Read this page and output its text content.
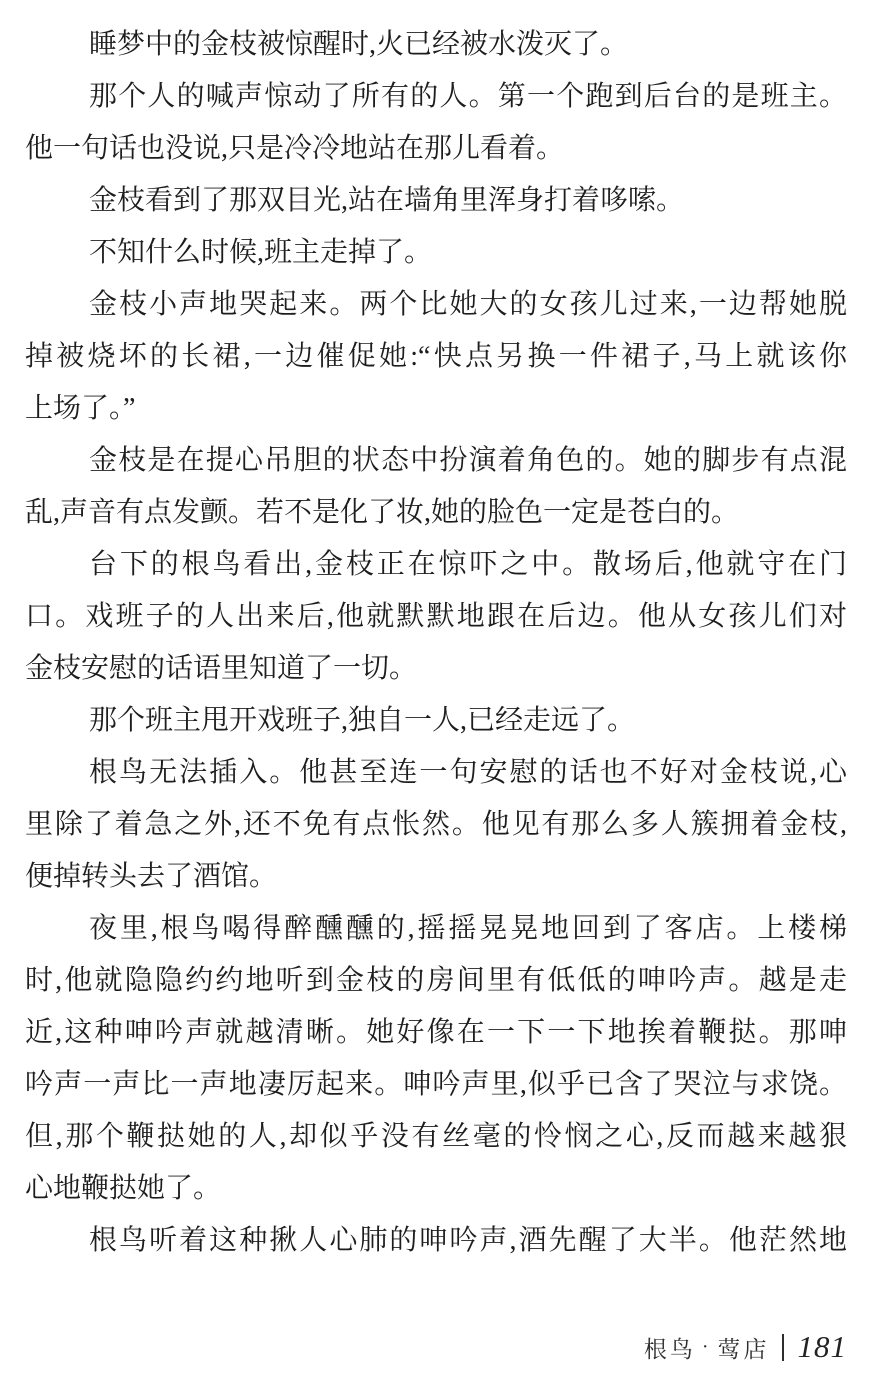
睡梦中的金枝被惊醒时,火已经被水泼灭了。
那个人的喊声惊动了所有的人。第一个跑到后台的是班主。
他一句话也没说,只是冷冷地站在那儿看着。
金枝看到了那双目光,站在墙角里浑身打着哆嗦。
不知什么时候,班主走掉了。
金枝小声地哭起来。两个比她大的女孩儿过来,一边帮她脱
掉被烧坏的长裙,一边催促她:“快点另换一件裙子,马上就该你
上场了。”
金枝是在提心吊胆的状态中扮演着角色的。她的脚步有点混
乱,声音有点发颤。若不是化了妆,她的脸色一定是苍白的。
台下的根鸟看出,金枝正在惊吓之中。散场后,他就守在门
口。戏班子的人出来后,他就默默地跟在后边。他从女孩儿们对
金枝安慰的话语里知道了一切。
那个班主甩开戏班子,独自一人,已经走远了。
根鸟无法插入。他甚至连一句安慰的话也不好对金枝说,心
里除了着急之外,还不免有点怅然。他见有那么多人簇拥着金枝,
便掉转头去了酒馆。
夜里,根鸟喝得醉醺醺的,摇摇晃晃地回到了客店。上楼梯
时,他就隐隐约约地听到金枝的房间里有低低的呻吟声。越是走
近,这种呻吟声就越清晰。她好像在一下一下地挨着鞭挞。那呻
吟声一声比一声地凄厉起来。呻吟声里,似乎已含了哭泣与求饶。
但,那个鞭挞她的人,却似乎没有丝毫的怜悯之心,反而越来越狠
心地鞭挞她了。
根鸟听着这种揪人心肺的呻吟声,酒先醒了大半。他茫然地
根鸟 · 莺店 181
